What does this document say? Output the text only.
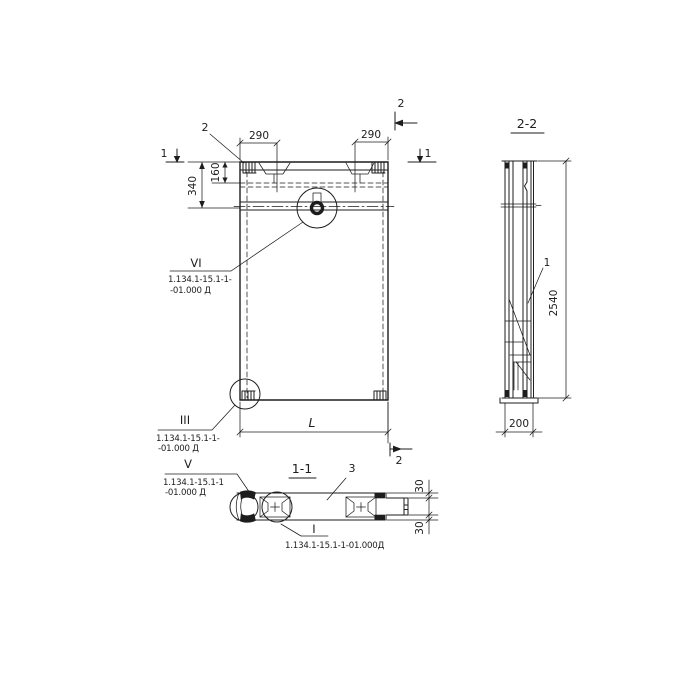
2
290	290
1	1
2
2
340
160
L
VI
1.134.1-15.1-1-
-01.000 Д
III
1.134.1-15.1-1-
-01.000 Д
2-2
1
2540
200
1-1	3
30
30
V
1.134.1-15.1-1
-01.000 Д
I
1.134.1-15.1-1-01.000Д
